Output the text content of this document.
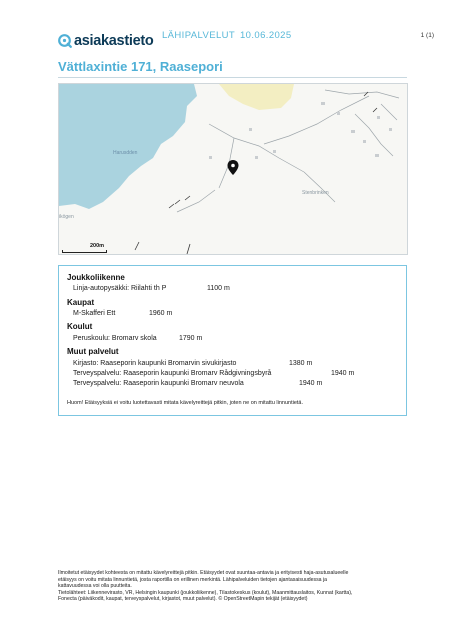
asiakastieto LÄHIPALVELUT 10.06.2025	1 (1)
Vättlaxintie 171, Raasepori
Harusdden
Stenbrinken
ikögen
200m
Joukkoliikenne
Linja-autopysäkki: Riilahti th P	1100 m
Kaupat
M-Skafferi Ett	1960 m
Koulut
Peruskoulu: Bromarv skola	1790 m
Muut palvelut
Kirjasto: Raaseporin kaupunki Bromarvin sivukirjasto	1380 m
Terveyspalvelu: Raaseporin kaupunki Bromarv Rådgivningsbyrå	1940 m
Terveyspalvelu: Raaseporin kaupunki Bromarv neuvola	1940 m
Huom! Etäisyyksiä ei voitu luotettavasti mitata kävelyreittejä pitkin, joten ne on mitattu linnuntietä.

Ilmoitetut etäisyydet kohteesta on mitattu kävelyreittejä pitkin. Etäisyydet ovat suuntaa-antavia ja erityisesti haja-asutusalueelle

etäisyys on voitu mitata linnuntietä, josta raportilla on erillinen merkintä. Lähipalveluiden tietojen ajantasaisuudessa ja

kattavuudessa voi olla puutteita.

Tietolähteet: Liikennevirasto, VR, Helsingin kaupunki (joukkoliikenne), Tilastokeskus (koulut), Maanmittauslaitos, Kunnat (kartta),

Fonecta (päiväkodit, kaupat, terveyspalvelut, kirjastot, muut palvelut). © OpenStreetMapin tekijät (etäisyydet)
